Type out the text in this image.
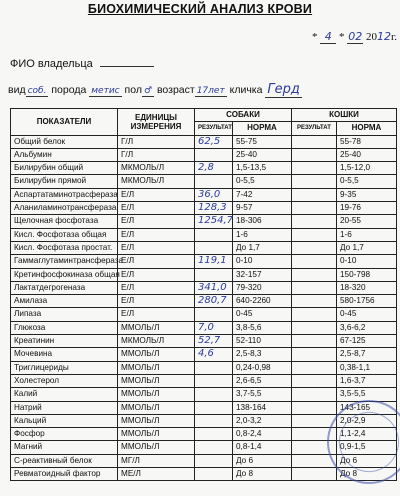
БИОХИМИЧЕСКИЙ АНАЛИЗ КРОВИ
* 4 * 02 2012г.
ФИО владельца
вид соб. порода метис пол ♂ возраст 17лет кличка Герд
ПОКАЗАТЕЛИ	ЕДИНИЦЫ ИЗМЕРЕНИЯ	СОБАКИ		КОШКИ	
		РЕЗУЛЬТАТ	НОРМА	РЕЗУЛЬТАТ	НОРМА
Общий белок	Г/Л	62,5	55-75		55-78
Альбумин	Г/Л		25-40		25-40
Билирубин общий	МКМОЛЬ/Л	2,8	1,5-13,5		1,5-12,0
Билирубин прямой	МКМОЛЬ/Л		0-5,5		0-5,5
Аспартатаминотрасфераза	Е/Л	36,0	7-42		9-35
Аланиламинотрансфераза	Е/Л	128,3	9-57		19-76
Щелочная фосфотаза	Е/Л	1254,7	18-306		20-55
Кисл. Фосфотаза общая	Е/Л		1-6		1-6
Кисл. Фосфотаза простат.	Е/Л		До 1,7		До 1,7
Гаммаглутаминтрансфераза	Е/Л	119,1	0-10		0-10
Кретинфосфокиназа общая	Е/Л		32-157		150-798
Лактатдегрогеназа	Е/Л	341,0	79-320		18-320
Амилаза	Е/Л	280,7	640-2260		580-1756
Липаза	Е/Л		0-45		0-45
Глюкоза	ММОЛЬ/Л	7,0	3,8-5,6		3,6-6,2
Креатинин	МКМОЛЬ/Л	52,7	52-110		67-125
Мочевина	ММОЛЬ/Л	4,6	2,5-8,3		2,5-8,7
Триглицериды	ММОЛЬ/Л		0,24-0,98		0,38-1,1
Холестерол	ММОЛЬ/Л		2,6-6,5		1,6-3,7
Калий	ММОЛЬ/Л		3,7-5,5		3,5-5,5
Натрий	ММОЛЬ/Л		138-164		143-165
Кальций	ММОЛЬ/Л		2,0-3,2		2,0-2,9
Фосфор	ММОЛЬ/Л		0,8-2,4		1,1-2,4
Магний	ММОЛЬ/Л		0,8-1,4		0,9-1,5
С-реактивный белок	МГ/Л		До 6		До 6
Ревматоидный фактор	МЕ/Л		До 8		До 8
